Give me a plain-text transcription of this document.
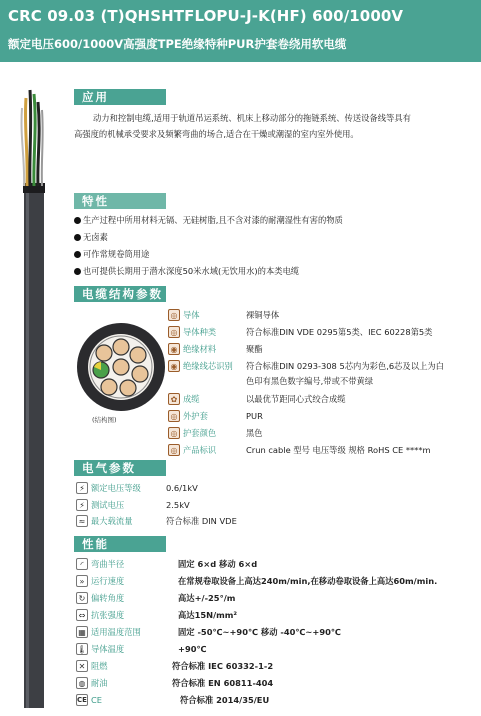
CRC 09.03 (T)QHSHTFLOPU-J-K(HF) 600/1000V
额定电压600/1000V高强度TPE绝缘特种PUR护套卷绕用软电缆
应用
动力和控制电缆,适用于轨道吊运系统、机床上移动部分的拖链系统、传送设备线等具有
高强度的机械承受要求及频繁弯曲的场合,适合在干燥或潮湿的室内室外使用。
特性
生产过程中所用材料无镉、无硅树脂,且不含对漆的耐潮湿性有害的物质
无卤素
可作常规卷筒用途
也可提供长期用于潜水深度50米水域(无饮用水)的本类电缆
电缆结构参数
(结构图)
◎ 导体	裸铜导体
◎ 导体种类	符合标准DIN VDE 0295第5类、IEC 60228第5类
◉ 绝缘材料	聚酯
◉ 绝缘线芯识别 符合标准DIN 0293-308 5芯内为彩色,6芯及以上为白
色印有黑色数字编号,带或不带黄绿
✿ 成缆	以最优节距同心式绞合成缆
◎ 外护套	PUR
◎ 护套颜色	黑色
◎ 产品标识	Crun cable 型号 电压等级 规格 RoHS CE ****m
电气参数
⚡ 额定电压等级	0.6/1kV
⚡ 测试电压	2.5kV
≈ 最大载流量	符合标准 DIN VDE
性能
◜ 弯曲半径	固定 6×d 移动 6×d
» 运行速度	在常规卷取设备上高达240m/min,在移动卷取设备上高达60m/min.
↻ 偏转角度	高达+/-25°/m
⇔ 抗张强度	高达15N/mm²
▦ 适用温度范围	固定 -50℃~+90℃ 移动 -40℃~+90℃
🌡 导体温度	+90℃
✕ 阻燃	符合标准 IEC 60332-1-2
◍ 耐油	符合标准 EN 60811-404
CE CE	符合标准 2014/35/EU
